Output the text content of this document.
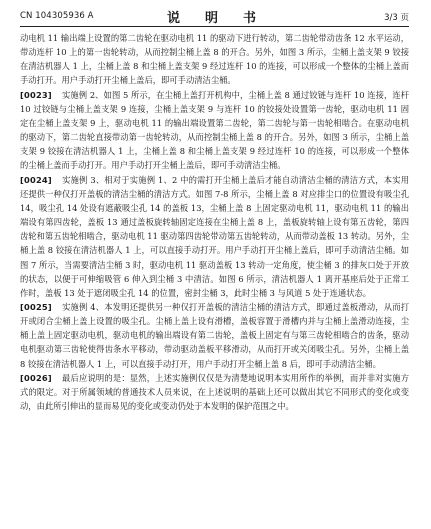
CN 104305936 A	说　明　书	3/3 页

动电机 11 输出端上设置的第二齿轮在驱动电机 11 的驱动下进行转动，第二齿轮带动齿条 12 水平运动，带动连杆 10 上的第一齿轮转动，从而控制尘桶上盖 8 的开合。另外，如图 3 所示，尘桶上盖支架 9 铰接在清洁机器人 1 上，尘桶上盖 8 和尘桶上盖支架 9 经过连杆 10 的连接，可以形成一个整体的尘桶上盖而手动打开。用户手动打开尘桶上盖后，即可手动清洁尘桶。

[0023] 实施例 2、如图 5 所示，在尘桶上盖打开机构中，尘桶上盖 8 通过铰链与连杆 10 连接，连杆 10 过铰链与尘桶上盖支架 9 连接，尘桶上盖支架 9 与连杆 10 的铰接处设置第一齿轮，驱动电机 11 固定在尘桶上盖支架 9 上，驱动电机 11 的输出端设置第二齿轮，第二齿轮与第一齿轮相啮合。在驱动电机的驱动下，第二齿轮直接带动第一齿轮转动，从而控制尘桶上盖 8 的开合。另外，如图 3 所示，尘桶上盖支架 9 铰接在清洁机器人 1 上，尘桶上盖 8 和尘桶上盖支架 9 经过连杆 10 的连接，可以形成一个整体的尘桶上盖而手动打开。用户手动打开尘桶上盖后，即可手动清洁尘桶。

[0024] 实施例 3、相对于实施例 1、2 中的需打开尘桶上盖后才能自动清洁尘桶的清洁方式，本实用还提供一种仅打开盖板的清洁尘桶的清洁方式。如图 7-8 所示，尘桶上盖 8 对应排尘口的位置设有吸尘孔 14，吸尘孔 14 处设有遮蔽吸尘孔 14 的盖板 13，尘桶上盖 8 上固定驱动电机 11，驱动电机 11 的输出端设有第四齿轮，盖板 13 通过盖板旋转轴固定连接在尘桶上盖 8 上，盖板旋转轴上设有第五齿轮，第四齿轮和第五齿轮相啮合，驱动电机 11 驱动第四齿轮带动第五齿轮转动，从而带动盖板 13 转动。另外，尘桶上盖 8 铰接在清洁机器人 1 上，可以直接手动打开。用户手动打开尘桶上盖后，即可手动清洁尘桶。如图 7 所示，当需要清洁尘桶 3 时，驱动电机 11 驱动盖板 13 转动一定角度，使尘桶 3 的排灰口处于开放的状态，以便于可伸缩吸管 6 伸入到尘桶 3 中清洁。如图 6 所示，清洁机器人 1 离开基座后处于正常工作时，盖板 13 处于遮闭吸尘孔 14 的位置，密封尘桶 3，此时尘桶 3 与风道 5 处于连通状态。

[0025] 实施例 4、本发明还提供另一种仅打开盖板的清洁尘桶的清洁方式，即通过盖板滑动，从而打开或闭合尘桶上盖上设置的吸尘孔。尘桶上盖上设有滑槽，盖板容置于滑槽内并与尘桶上盖滑动连接，尘桶上盖上固定驱动电机，驱动电机的输出端设有第二齿轮，盖板上固定有与第三齿轮相啮合的齿条，驱动电机驱动第三齿轮使得齿条水平移动，带动驱动盖板平移滑动，从而打开或关闭吸尘孔。另外，尘桶上盖 8 铰接在清洁机器人 1 上，可以直接手动打开，用户手动打开尘桶上盖 8 后，即可手动清洁尘桶。

[0026] 最后应说明的是：显然，上述实施例仅仅是为清楚地说明本实用所作的举例，而并非对实施方式的限定。对于所属领域的普通技术人员来说，在上述说明的基础上还可以做出其它不同形式的变化或变动，由此所引伸出的显而易见的变化或变动仍处于本发明的保护范围之中。
